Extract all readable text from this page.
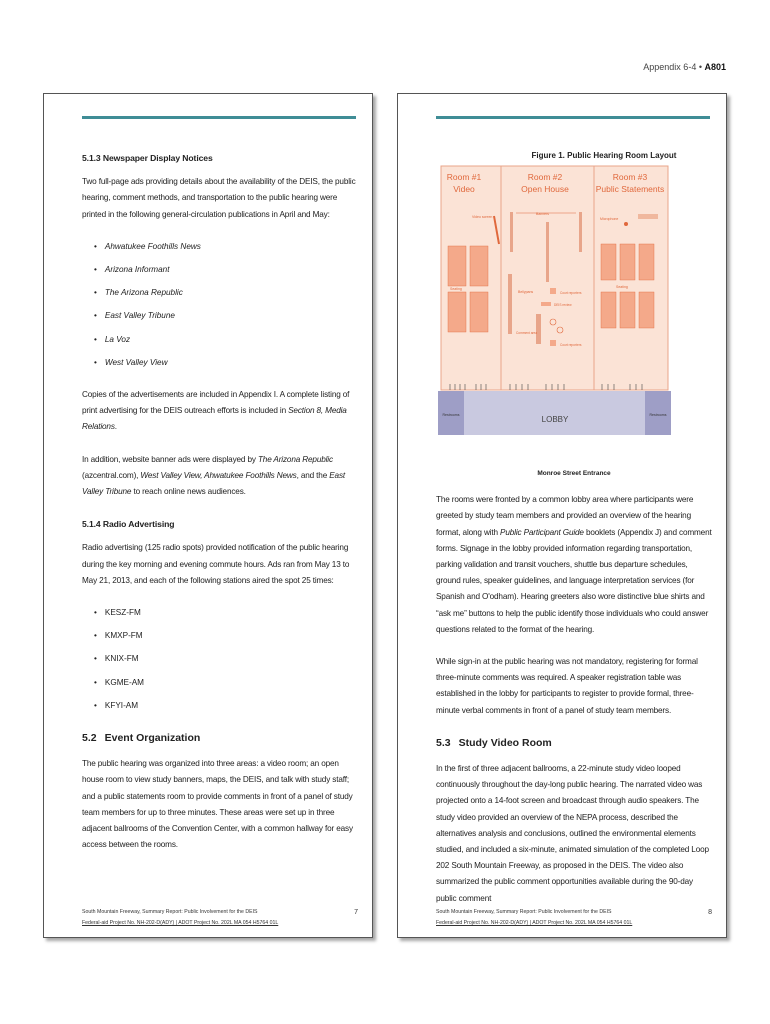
Appendix 6-4 • A801
5.1.3 Newspaper Display Notices

Two full-page ads providing details about the availability of the DEIS, the public hearing, comment methods, and transportation to the public hearing were printed in the following general-circulation publications in April and May:

• Ahwatukee Foothills News
• Arizona Informant
• The Arizona Republic
• East Valley Tribune
• La Voz
• West Valley View

Copies of the advertisements are included in Appendix I. A complete listing of print advertising for the DEIS outreach efforts is included in Section 8, Media Relations.

In addition, website banner ads were displayed by The Arizona Republic (azcentral.com), West Valley View, Ahwatukee Foothills News, and the East Valley Tribune to reach online news audiences.

5.1.4 Radio Advertising

Radio advertising (125 radio spots) provided notification of the public hearing during the key morning and evening commute hours. Ads ran from May 13 to May 21, 2013, and each of the following stations aired the spot 25 times:

• KESZ-FM
• KMXP-FM
• KNIX-FM
• KGME-AM
• KFYI-AM
5.2 Event Organization

The public hearing was organized into three areas: a video room; an open house room to view study banners, maps, the DEIS, and talk with study staff; and a public statements room to provide comments in front of a panel of study team members for up to three minutes. These areas were set up in three adjacent ballrooms of the Convention Center, with a common hallway for easy access between the rooms.

South Mountain Freeway, Summary Report: Public Involvement for the DEIS
Federal-aid Project No. NH-202-D(ADY) | ADOT Project No. 202L MA 054 H5764 01L
7
Figure 1. Public Hearing Room Layout
Room #1
Video
Room #2
Open House
Room #3
Public Statements
Video screen
Banners
Microphone
Seating	Seating
Bellypans	Court reporters
DEIS review
Comment area
Court reporters
Restrooms	Restrooms
LOBBY
Monroe Street Entrance

The rooms were fronted by a common lobby area where participants were greeted by study team members and provided an overview of the hearing format, along with Public Participant Guide booklets (Appendix J) and comment forms. Signage in the lobby provided information regarding transportation, parking validation and transit vouchers, shuttle bus departure schedules, ground rules, speaker guidelines, and language interpretation services (for Spanish and O'odham). Hearing greeters also wore distinctive blue shirts and “ask me” buttons to help the public identify those individuals who could answer questions related to the format of the hearing.

While sign-in at the public hearing was not mandatory, registering for formal three-minute comments was required. A speaker registration table was established in the lobby for participants to register to provide formal, three-minute verbal comments in front of a panel of study team members.

5.3 Study Video Room

In the first of three adjacent ballrooms, a 22-minute study video looped continuously throughout the day-long public hearing. The narrated video was projected onto a 14-foot screen and broadcast through audio speakers. The study video provided an overview of the NEPA process, described the alternatives analysis and conclusions, outlined the environmental elements studied, and included a six-minute, animated simulation of the completed Loop 202 South Mountain Freeway, as proposed in the DEIS. The video also summarized the public comment opportunities available during the 90-day public comment

South Mountain Freeway, Summary Report: Public Involvement for the DEIS
Federal-aid Project No. NH-202-D(ADY) | ADOT Project No. 202L MA 054 H5764 01L
8
